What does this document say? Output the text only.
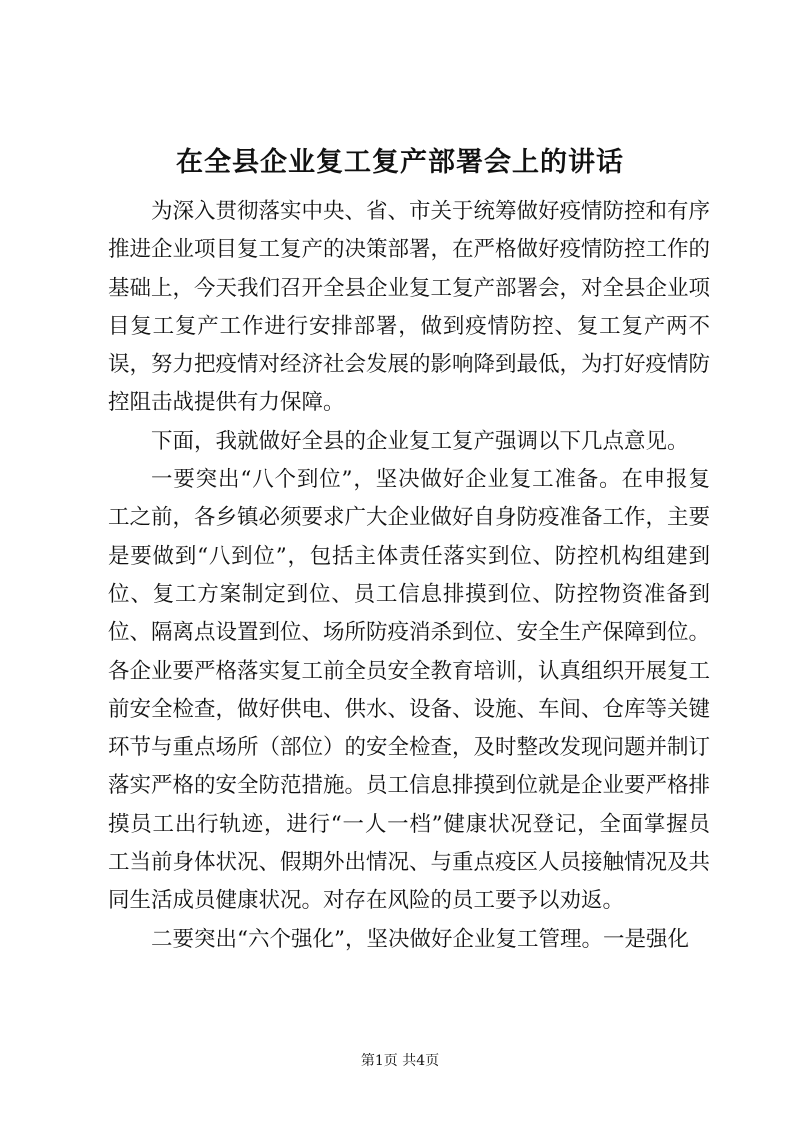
在全县企业复工复产部署会上的讲话

为深入贯彻落实中央、省、市关于统筹做好疫情防控和有序推进企业项目复工复产的决策部署，在严格做好疫情防控工作的基础上，今天我们召开全县企业复工复产部署会，对全县企业项目复工复产工作进行安排部署，做到疫情防控、复工复产两不误，努力把疫情对经济社会发展的影响降到最低，为打好疫情防控阻击战提供有力保障。

下面，我就做好全县的企业复工复产强调以下几点意见。

一要突出“八个到位”，坚决做好企业复工准备。在申报复工之前，各乡镇必须要求广大企业做好自身防疫准备工作，主要是要做到“八到位”，包括主体责任落实到位、防控机构组建到位、复工方案制定到位、员工信息排摸到位、防控物资准备到位、隔离点设置到位、场所防疫消杀到位、安全生产保障到位。各企业要严格落实复工前全员安全教育培训，认真组织开展复工前安全检查，做好供电、供水、设备、设施、车间、仓库等关键环节与重点场所（部位）的安全检查，及时整改发现问题并制订落实严格的安全防范措施。员工信息排摸到位就是企业要严格排摸员工出行轨迹，进行“一人一档”健康状况登记，全面掌握员工当前身体状况、假期外出情况、与重点疫区人员接触情况及共同生活成员健康状况。对存在风险的员工要予以劝返。

二要突出“六个强化”，坚决做好企业复工管理。一是强化

第1页 共4页
